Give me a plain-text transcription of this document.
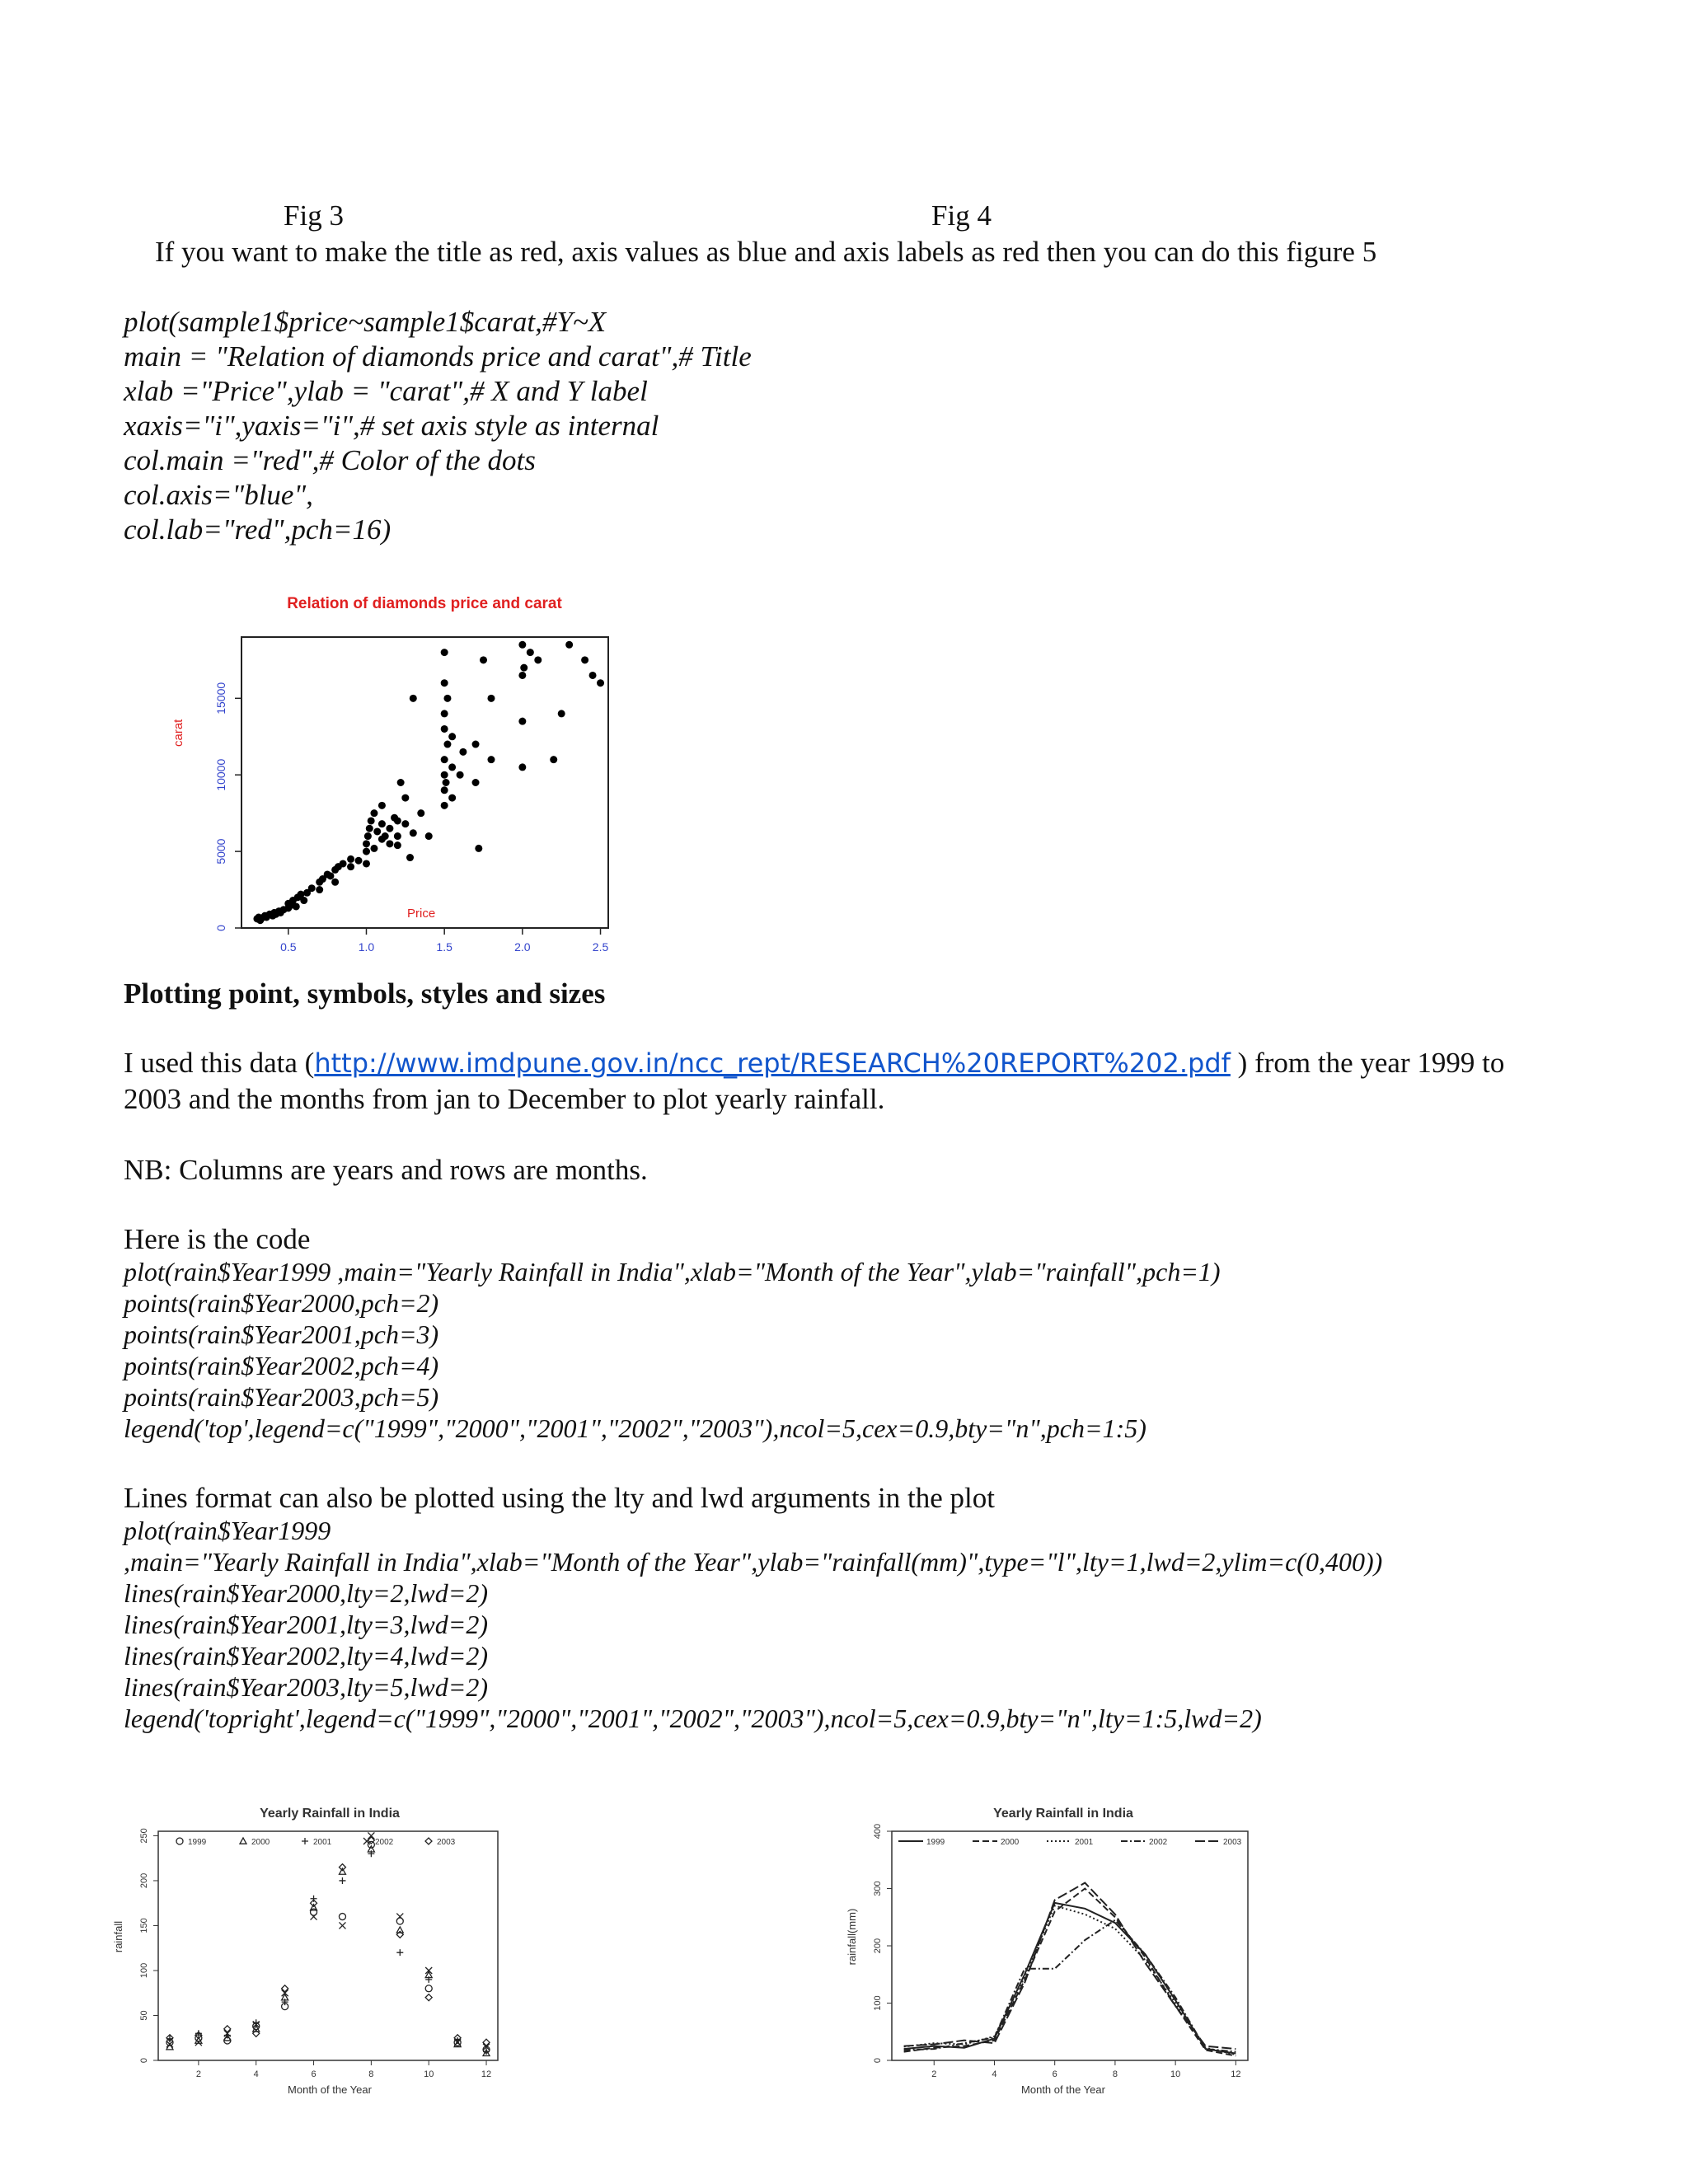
Fig 3	Fig 4
If you want to make the title as red, axis values as blue and axis labels as red then you can do this figure 5
plot(sample1$price~sample1$carat,#Y~X
main = "Relation of diamonds price and carat",# Title
xlab ="Price",ylab = "carat",# X and Y label
xaxis="i",yaxis="i",# set axis style as internal
col.main ="red",# Color of the dots
col.axis="blue",
col.lab="red",pch=16)
Relation of diamonds price and carat
0.5	1.0	1.5	2.0	2.5
0
5000
10000
15000
Price
carat
Plotting point, symbols, styles and sizes
I used this data (http://www.imdpune.gov.in/ncc_rept/RESEARCH%20REPORT%202.pdf ) from the year 1999 to
2003 and the months from jan to December to plot yearly rainfall.
NB: Columns are years and rows are months.
Here is the code
plot(rain$Year1999 ,main="Yearly Rainfall in India",xlab="Month of the Year",ylab="rainfall",pch=1)
points(rain$Year2000,pch=2)
points(rain$Year2001,pch=3)
points(rain$Year2002,pch=4)
points(rain$Year2003,pch=5)
legend('top',legend=c("1999","2000","2001","2002","2003"),ncol=5,cex=0.9,bty="n",pch=1:5)
Lines format can also be plotted using the lty and lwd arguments in the plot
plot(rain$Year1999
,main="Yearly Rainfall in India",xlab="Month of the Year",ylab="rainfall(mm)",type="l",lty=1,lwd=2,ylim=c(0,400))
lines(rain$Year2000,lty=2,lwd=2)
lines(rain$Year2001,lty=3,lwd=2)
lines(rain$Year2002,lty=4,lwd=2)
lines(rain$Year2003,lty=5,lwd=2)
legend('topright',legend=c("1999","2000","2001","2002","2003"),ncol=5,cex=0.9,bty="n",lty=1:5,lwd=2)
Yearly Rainfall in India
Month of the Year
rainfall
1999	2000	2001	2002	2003
2	4	6	8	10	12
0
50
100
150
200
250
Yearly Rainfall in India
Month of the Year
rainfall(mm)
1999	2000	2001	2002	2003
2	4	6	8	10	12
0
100
200
300
400
